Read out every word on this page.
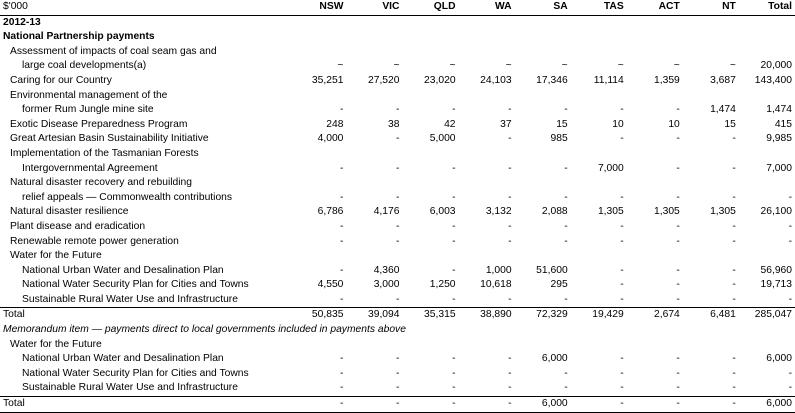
$'000	NSW	VIC	QLD	WA	SA	TAS	ACT	NT	Total
2012-13									
National Partnership payments									
Assessment of impacts of coal seam gas and									
large coal developments(a)	~	~	~	~	~	~	~	~	20,000
Caring for our Country	35,251	27,520	23,020	24,103	17,346	11,114	1,359	3,687	143,400
Environmental management of the									
former Rum Jungle mine site	-	-	-	-	-	-	-	1,474	1,474
Exotic Disease Preparedness Program	248	38	42	37	15	10	10	15	415
Great Artesian Basin Sustainability Initiative	4,000	-	5,000	-	985	-	-	-	9,985
Implementation of the Tasmanian Forests									
Intergovernmental Agreement	-	-	-	-	-	7,000	-	-	7,000
Natural disaster recovery and rebuilding									
relief appeals — Commonwealth contributions	-	-	-	-	-	-	-	-	-
Natural disaster resilience	6,786	4,176	6,003	3,132	2,088	1,305	1,305	1,305	26,100
Plant disease and eradication	-	-	-	-	-	-	-	-	-
Renewable remote power generation	-	-	-	-	-	-	-	-	-
Water for the Future									
National Urban Water and Desalination Plan	-	4,360	-	1,000	51,600	-	-	-	56,960
National Water Security Plan for Cities and Towns	4,550	3,000	1,250	10,618	295	-	-	-	19,713
Sustainable Rural Water Use and Infrastructure	-	-	-	-	-	-	-	-	-
Total	50,835	39,094	35,315	38,890	72,329	19,429	2,674	6,481	285,047
Memorandum item — payments direct to local governments included in payments above									
Water for the Future									
National Urban Water and Desalination Plan	-	-	-	-	6,000	-	-	-	6,000
National Water Security Plan for Cities and Towns	-	-	-	-	-	-	-	-	-
Sustainable Rural Water Use and Infrastructure	-	-	-	-	-	-	-	-	-
Total	-	-	-	-	6,000	-	-	-	6,000
